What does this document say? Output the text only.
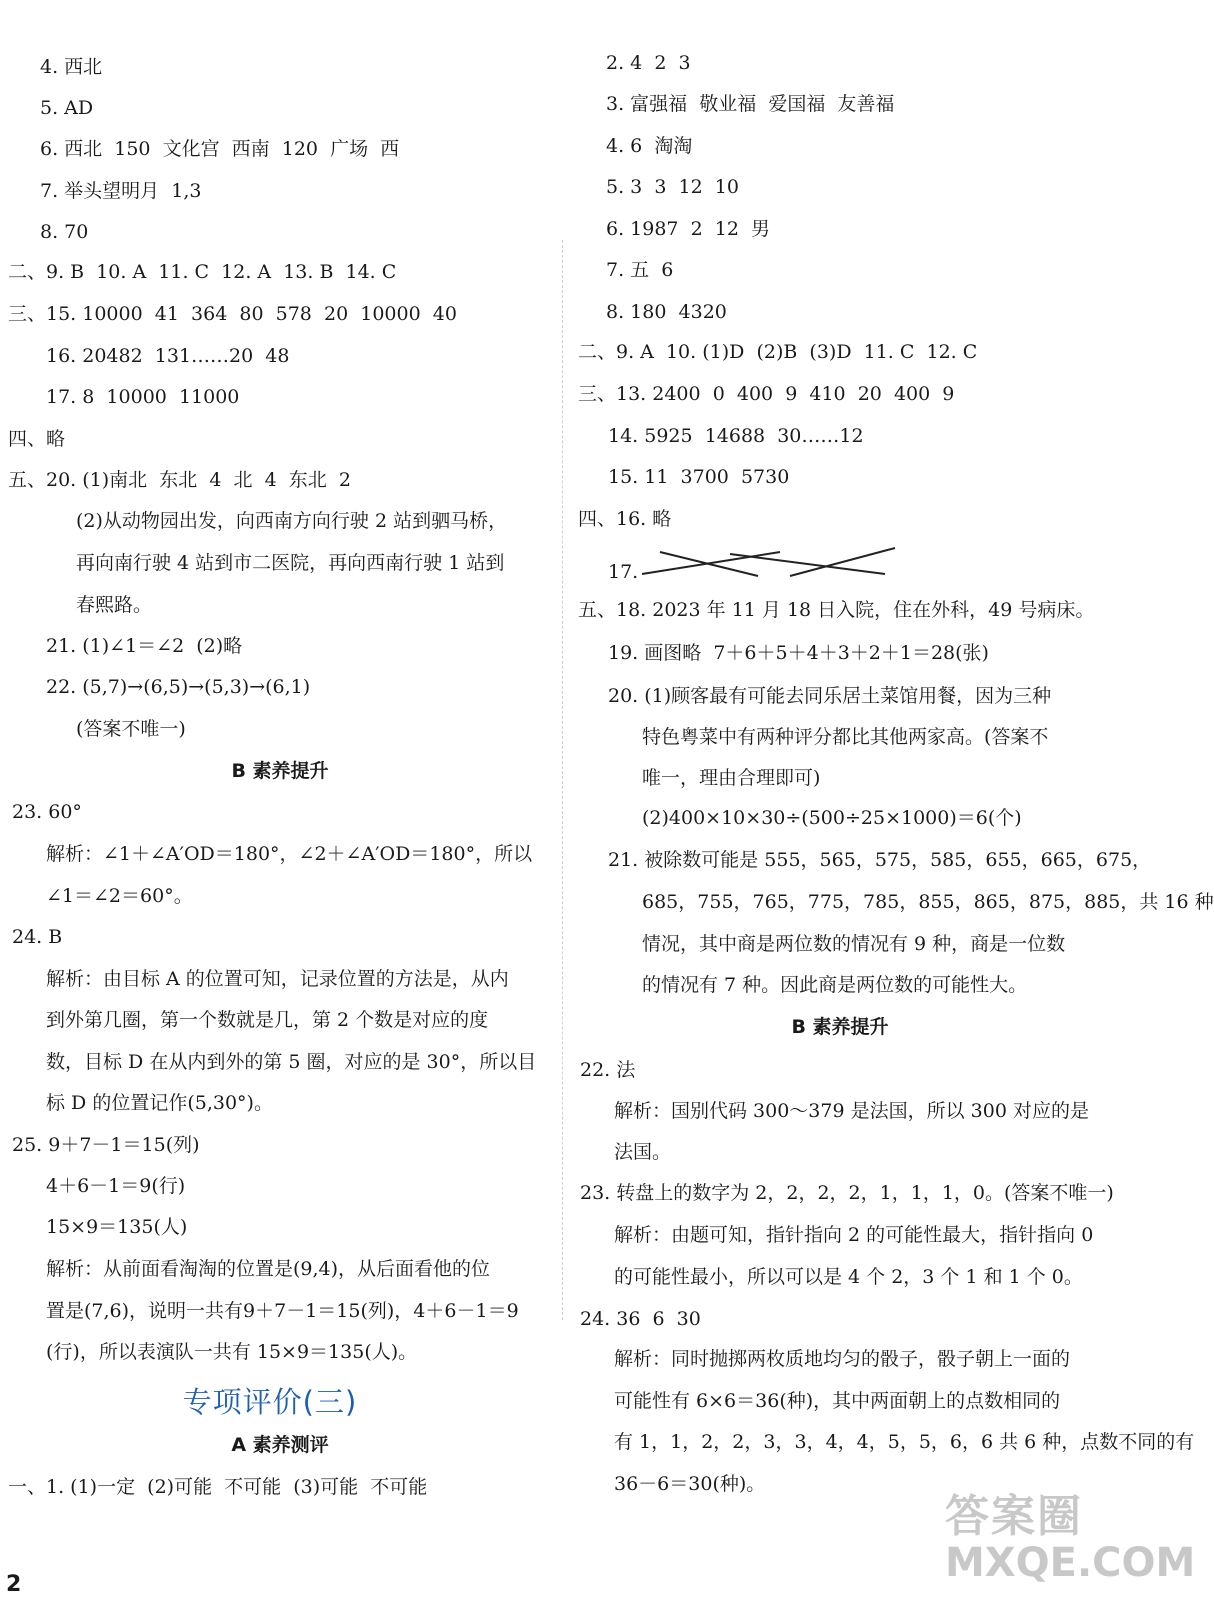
4. 西北
5. AD
6. 西北  150  文化宫  西南  120  广场  西
7. 举头望明月  1,3
8. 70
二、9. B  10. A  11. C  12. A  13. B  14. C
三、15. 10000  41  364  80  578  20  10000  40
16. 20482  131……20  48
17. 8  10000  11000
四、略
五、20. (1)南北  东北  4  北  4  东北  2
(2)从动物园出发，向西南方向行驶 2 站到驷马桥，
再向南行驶 4 站到市二医院，再向西南行驶 1 站到
春熙路。
21. (1)∠1＝∠2  (2)略
22. (5,7)→(6,5)→(5,3)→(6,1)
(答案不唯一)
B 素养提升
23. 60°
解析：∠1＋∠A′OD＝180°，∠2＋∠A′OD＝180°，所以
∠1＝∠2＝60°。
24. B
解析：由目标 A 的位置可知，记录位置的方法是，从内
到外第几圈，第一个数就是几，第 2 个数是对应的度
数，目标 D 在从内到外的第 5 圈，对应的是 30°，所以目
标 D 的位置记作(5,30°)。
25. 9＋7－1＝15(列)
4＋6－1＝9(行)
15×9＝135(人)
解析：从前面看淘淘的位置是(9,4)，从后面看他的位
置是(7,6)，说明一共有9＋7－1＝15(列)，4＋6－1＝9
(行)，所以表演队一共有 15×9＝135(人)。
专项评价(三)
A 素养测评
一、1. (1)一定  (2)可能  不可能  (3)可能  不可能
2. 4  2  3
3. 富强福  敬业福  爱国福  友善福
4. 6  淘淘
5. 3  3  12  10
6. 1987  2  12  男
7. 五  6
8. 180  4320
二、9. A  10. (1)D  (2)B  (3)D  11. C  12. C
三、13. 2400  0  400  9  410  20  400  9
14. 5925  14688  30……12
15. 11  3700  5730
四、16. 略
17.
五、18. 2023 年 11 月 18 日入院，住在外科，49 号病床。
19. 画图略  7＋6＋5＋4＋3＋2＋1＝28(张)
20. (1)顾客最有可能去同乐居土菜馆用餐，因为三种
特色粤菜中有两种评分都比其他两家高。(答案不
唯一，理由合理即可)
(2)400×10×30÷(500÷25×1000)＝6(个)
21. 被除数可能是 555，565，575，585，655，665，675，
685，755，765，775，785，855，865，875，885，共 16 种
情况，其中商是两位数的情况有 9 种，商是一位数
的情况有 7 种。因此商是两位数的可能性大。
B 素养提升
22. 法
解析：国别代码 300～379 是法国，所以 300 对应的是
法国。
23. 转盘上的数字为 2，2，2，2，1，1，1，0。(答案不唯一)
解析：由题可知，指针指向 2 的可能性最大，指针指向 0
的可能性最小，所以可以是 4 个 2，3 个 1 和 1 个 0。
24. 36  6  30
解析：同时抛掷两枚质地均匀的骰子，骰子朝上一面的
可能性有 6×6＝36(种)，其中两面朝上的点数相同的
有 1，1，2，2，3，3，4，4，5，5，6，6 共 6 种，点数不同的有
36－6＝30(种)。
2
答案圈
MXQE.COM
